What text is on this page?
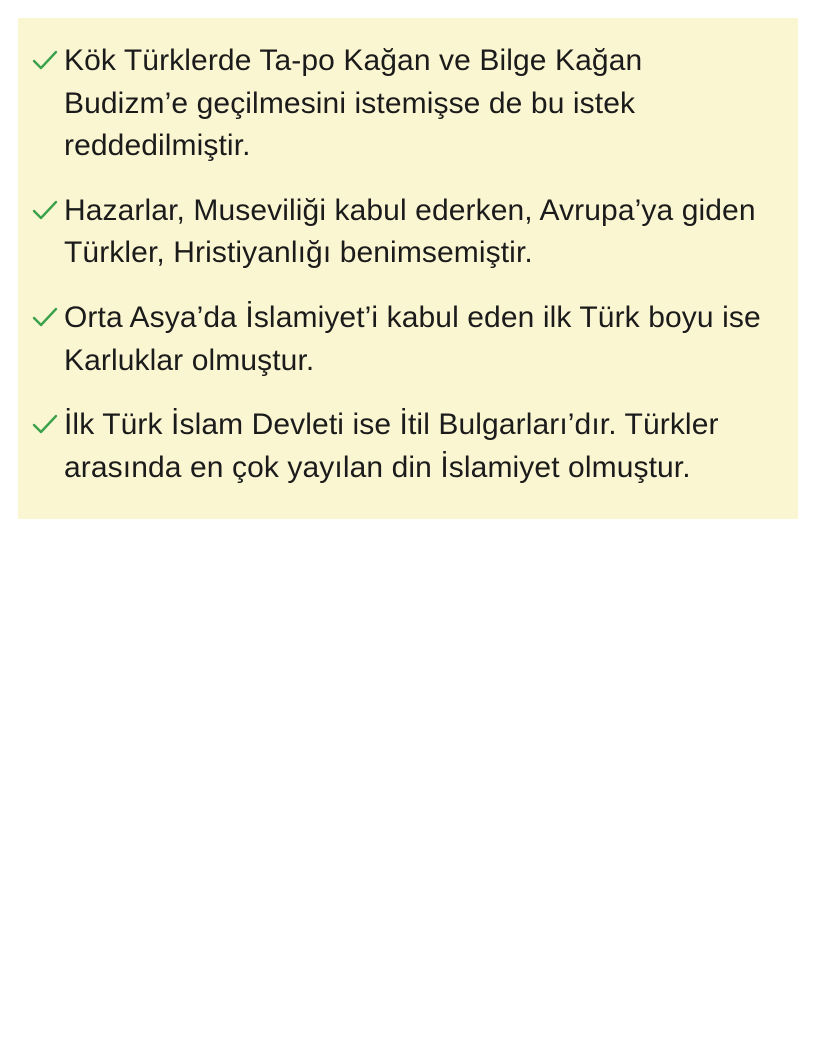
Kök Türklerde Ta-po Kağan ve Bilge Kağan Budizm’e geçilmesini istemişse de bu istek reddedilmiştir.
Hazarlar, Museviliği kabul ederken, Avrupa’ya giden Türkler, Hristiyanlığı benimsemiştir.
Orta Asya’da İslamiyet’i kabul eden ilk Türk boyu ise Karluklar olmuştur.
İlk Türk İslam Devleti ise İtil Bulgarları’dır. Türkler arasında en çok yayılan din İslamiyet olmuştur.
